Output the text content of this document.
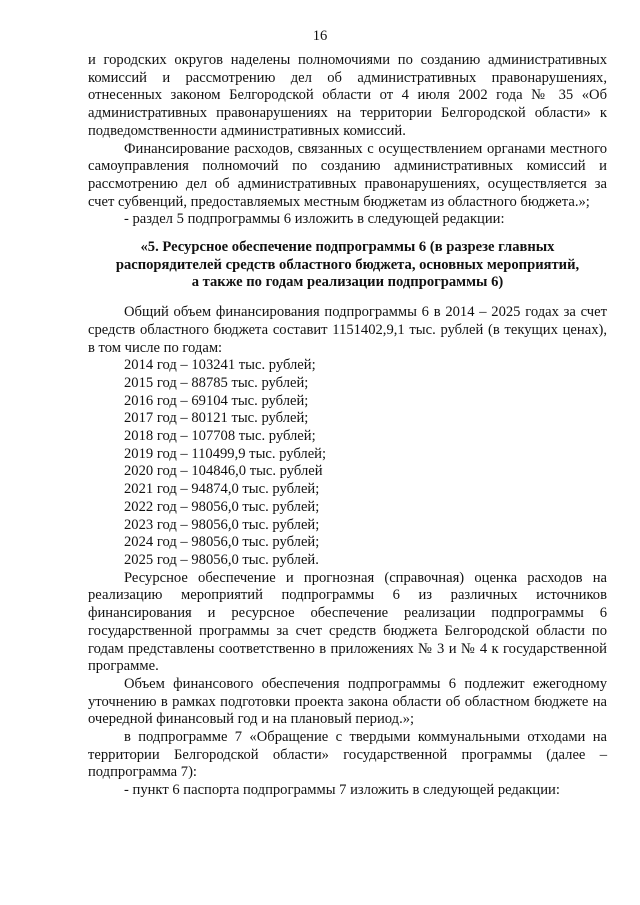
16

и городских округов наделены полномочиями по созданию административных комиссий и рассмотрению дел об административных правонарушениях, отнесенных законом Белгородской области от 4 июля 2002 года № 35 «Об административных правонарушениях на территории Белгородской области» к подведомственности административных комиссий.

Финансирование расходов, связанных с осуществлением органами местного самоуправления полномочий по созданию административных комиссий и рассмотрению дел об административных правонарушениях, осуществляется за счет субвенций, предоставляемых местным бюджетам из областного бюджета.»;

- раздел 5 подпрограммы 6 изложить в следующей редакции:

«5. Ресурсное обеспечение подпрограммы 6 (в разрезе главных
распорядителей средств областного бюджета, основных мероприятий,
а также по годам реализации подпрограммы 6)

Общий объем финансирования подпрограммы 6 в 2014 – 2025 годах за счет средств областного бюджета составит 1151402,9,1 тыс. рублей (в текущих ценах), в том числе по годам:

2014 год – 103241 тыс. рублей;
2015 год – 88785 тыс. рублей;
2016 год – 69104 тыс. рублей;
2017 год – 80121 тыс. рублей;
2018 год – 107708 тыс. рублей;
2019 год – 110499,9 тыс. рублей;
2020 год – 104846,0 тыс. рублей
2021 год – 94874,0 тыс. рублей;
2022 год – 98056,0 тыс. рублей;
2023 год – 98056,0 тыс. рублей;
2024 год – 98056,0 тыс. рублей;
2025 год – 98056,0 тыс. рублей.

Ресурсное обеспечение и прогнозная (справочная) оценка расходов на реализацию мероприятий подпрограммы 6 из различных источников финансирования и ресурсное обеспечение реализации подпрограммы 6 государственной программы за счет средств бюджета Белгородской области по годам представлены соответственно в приложениях № 3 и № 4 к государственной программе.

Объем финансового обеспечения подпрограммы 6 подлежит ежегодному уточнению в рамках подготовки проекта закона области об областном бюджете на очередной финансовый год и на плановый период.»;

в подпрограмме 7 «Обращение с твердыми коммунальными отходами на территории Белгородской области» государственной программы (далее – подпрограмма 7):

- пункт 6 паспорта подпрограммы 7 изложить в следующей редакции:
